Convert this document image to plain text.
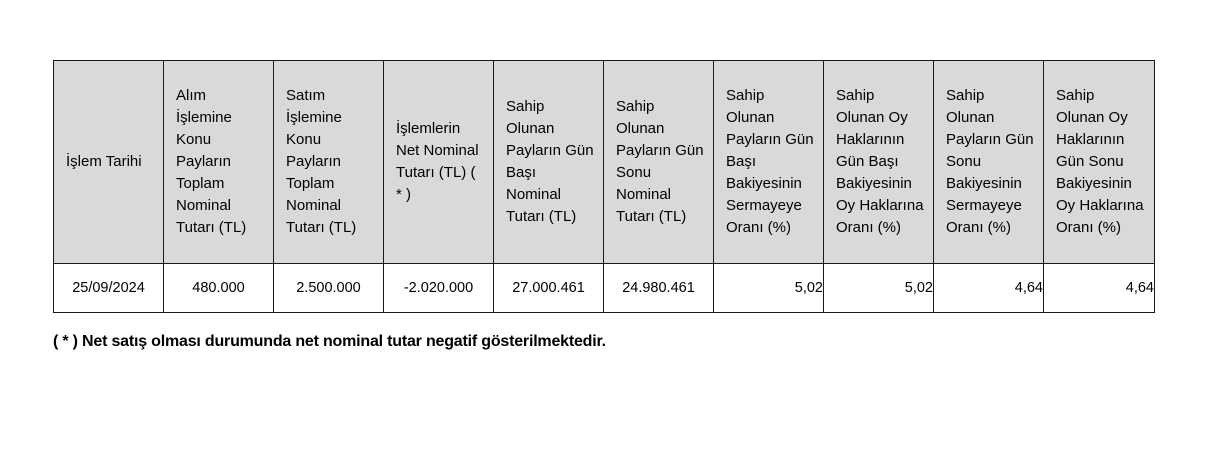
İşlem Tarihi	Alım İşlemine Konu Payların Toplam Nominal Tutarı (TL)	Satım İşlemine Konu Payların Toplam Nominal Tutarı (TL)	İşlemlerin Net Nominal Tutarı (TL) ( * )	Sahip Olunan Payların Gün Başı Nominal Tutarı (TL)	Sahip Olunan Payların Gün Sonu Nominal Tutarı (TL)	Sahip Olunan Payların Gün Başı Bakiyesinin Sermayeye Oranı (%)	Sahip Olunan Oy Haklarının Gün Başı Bakiyesinin Oy Haklarına Oranı (%)	Sahip Olunan Payların Gün Sonu Bakiyesinin Sermayeye Oranı (%)	Sahip Olunan Oy Haklarının Gün Sonu Bakiyesinin Oy Haklarına Oranı (%)
25/09/2024	480.000	2.500.000	-2.020.000	27.000.461	24.980.461	5,02	5,02	4,64	4,64
( * ) Net satış olması durumunda net nominal tutar negatif gösterilmektedir.
